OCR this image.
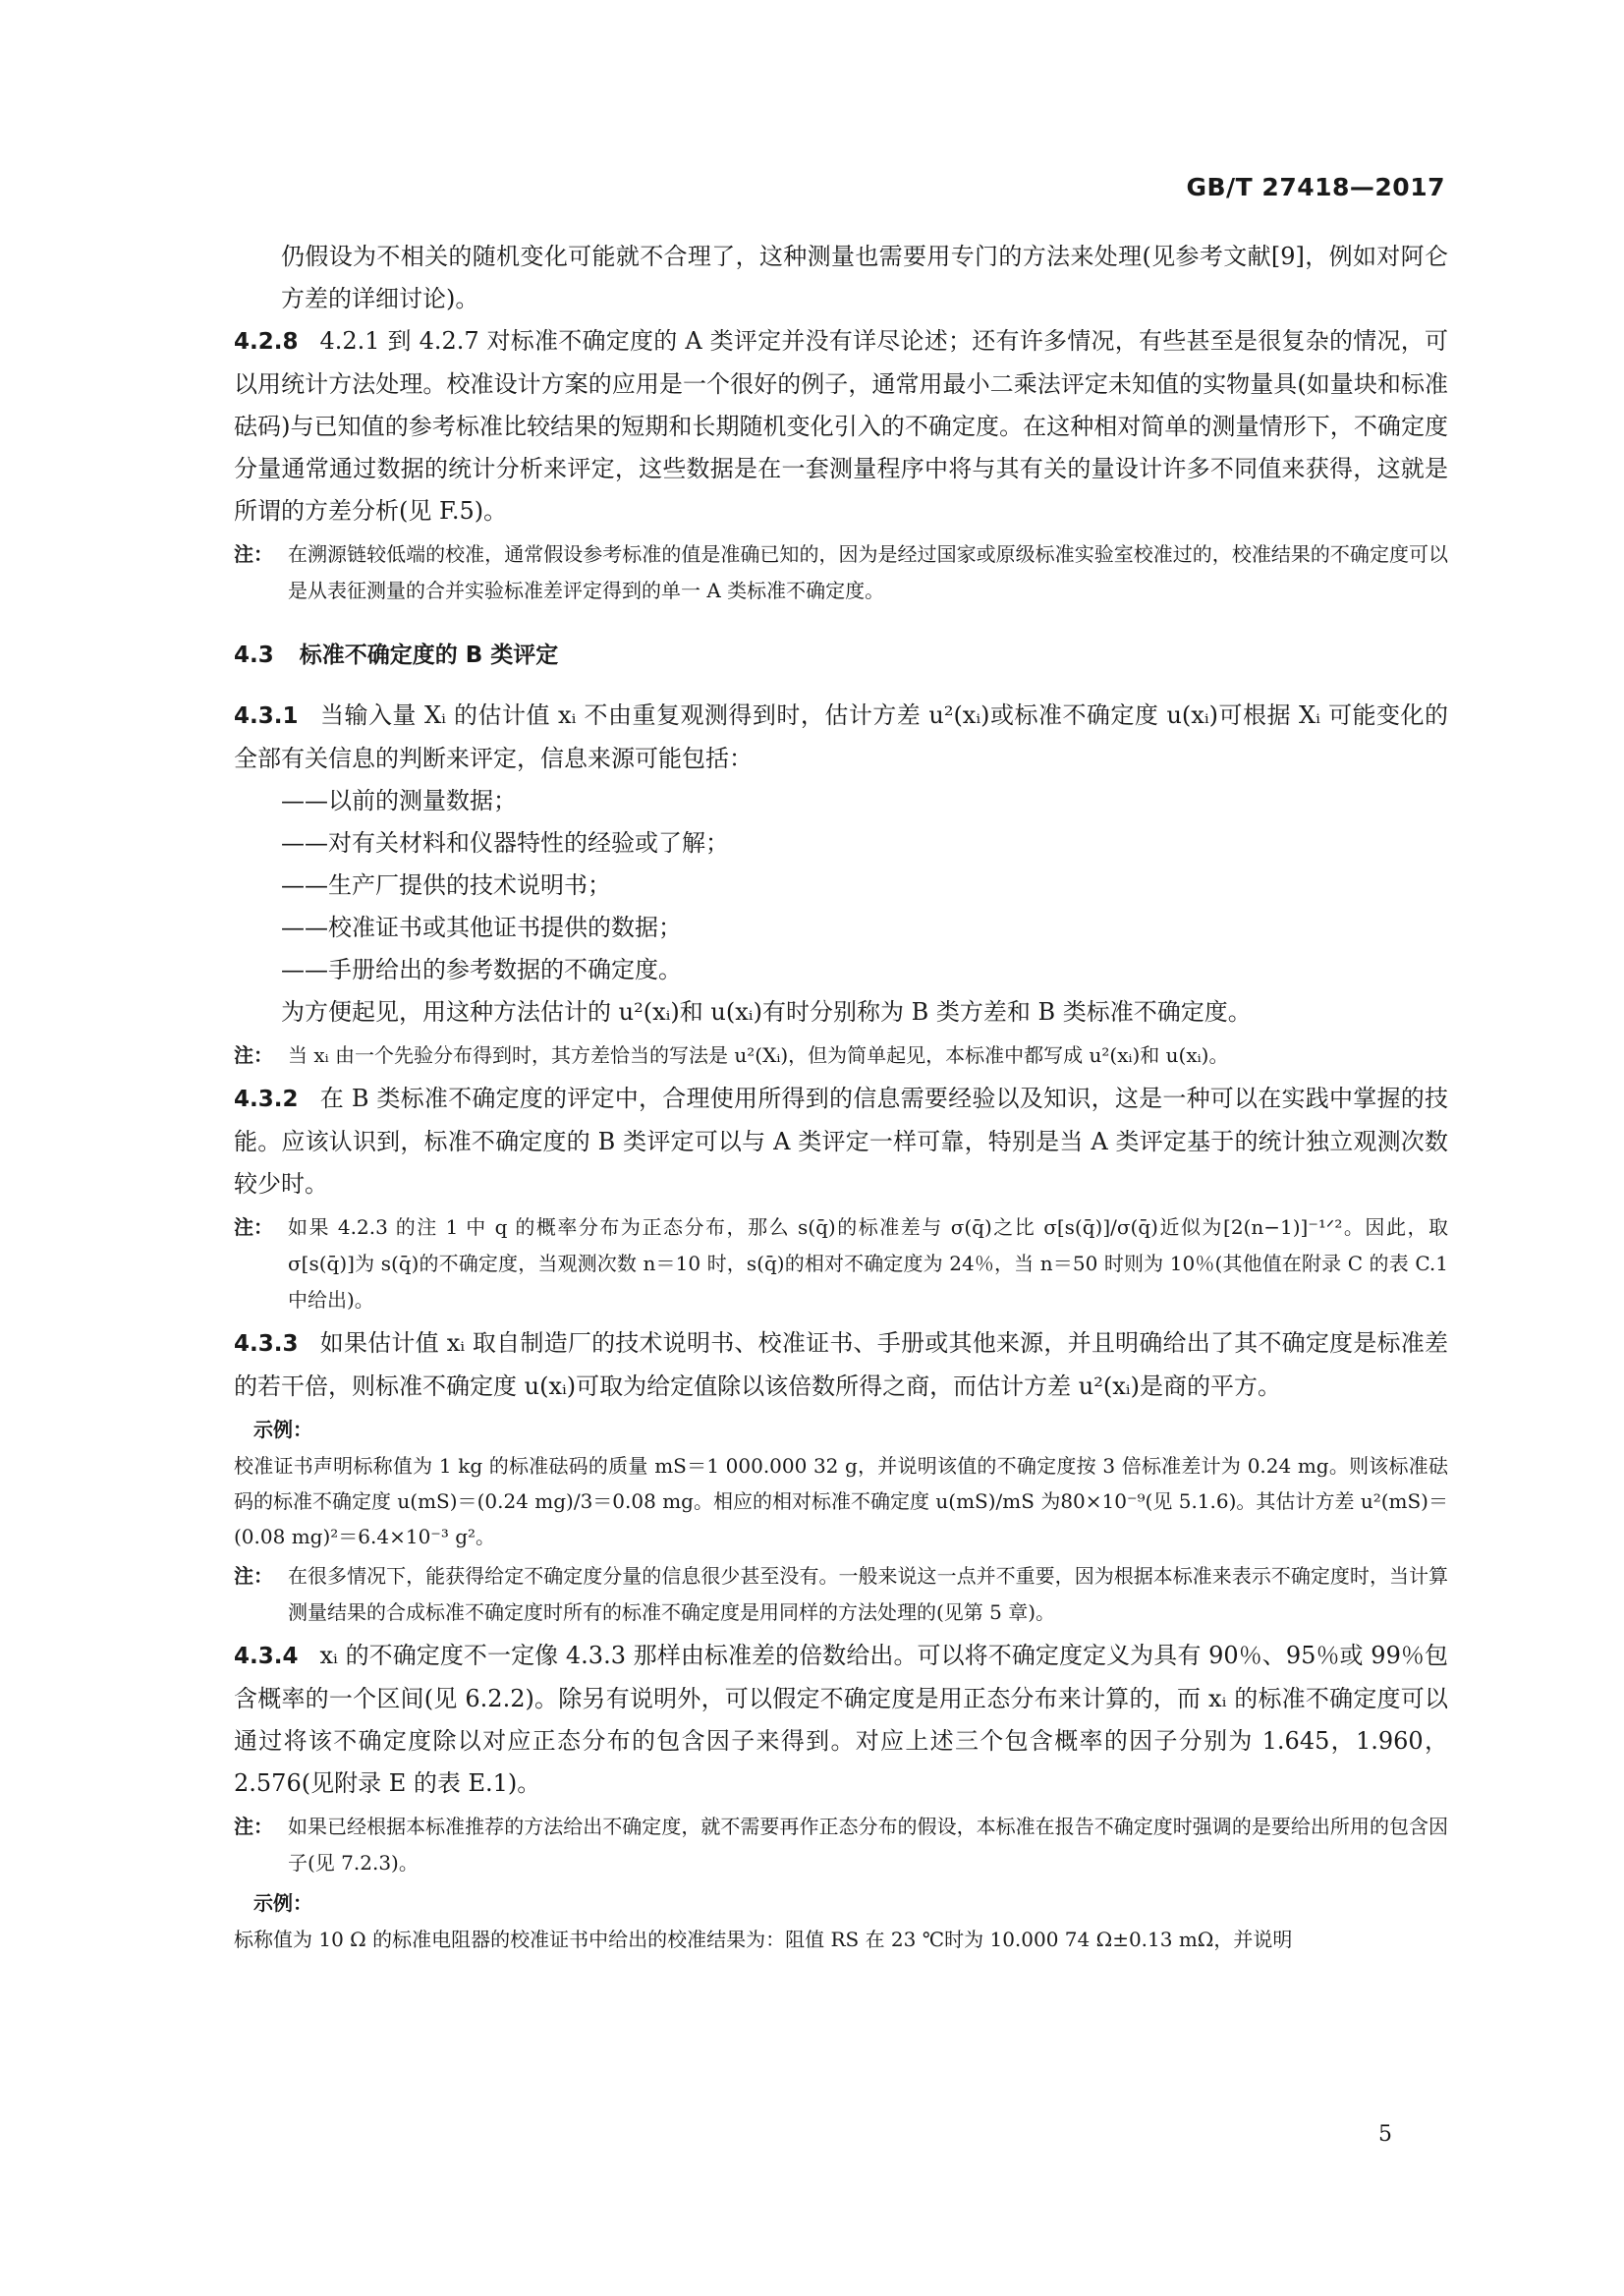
GB/T 27418—2017

仍假设为不相关的随机变化可能就不合理了，这种测量也需要用专门的方法来处理(见参考文献[9]，例如对阿仑方差的详细讨论)。

4.2.8 4.2.1 到 4.2.7 对标准不确定度的 A 类评定并没有详尽论述；还有许多情况，有些甚至是很复杂的情况，可以用统计方法处理。校准设计方案的应用是一个很好的例子，通常用最小二乘法评定未知值的实物量具(如量块和标准砝码)与已知值的参考标准比较结果的短期和长期随机变化引入的不确定度。在这种相对简单的测量情形下，不确定度分量通常通过数据的统计分析来评定，这些数据是在一套测量程序中将与其有关的量设计许多不同值来获得，这就是所谓的方差分析(见 F.5)。

注： 在溯源链较低端的校准，通常假设参考标准的值是准确已知的，因为是经过国家或原级标准实验室校准过的，校准结果的不确定度可以是从表征测量的合并实验标准差评定得到的单一 A 类标准不确定度。
4.3 标准不确定度的 B 类评定

4.3.1 当输入量 Xᵢ 的估计值 xᵢ 不由重复观测得到时，估计方差 u²(xᵢ)或标准不确定度 u(xᵢ)可根据 Xᵢ 可能变化的全部有关信息的判断来评定，信息来源可能包括：

——以前的测量数据；

——对有关材料和仪器特性的经验或了解；

——生产厂提供的技术说明书；

——校准证书或其他证书提供的数据；

——手册给出的参考数据的不确定度。

为方便起见，用这种方法估计的 u²(xᵢ)和 u(xᵢ)有时分别称为 B 类方差和 B 类标准不确定度。

注： 当 xᵢ 由一个先验分布得到时，其方差恰当的写法是 u²(Xᵢ)，但为简单起见，本标准中都写成 u²(xᵢ)和 u(xᵢ)。

4.3.2 在 B 类标准不确定度的评定中，合理使用所得到的信息需要经验以及知识，这是一种可以在实践中掌握的技能。应该认识到，标准不确定度的 B 类评定可以与 A 类评定一样可靠，特别是当 A 类评定基于的统计独立观测次数较少时。

注： 如果 4.2.3 的注 1 中 q 的概率分布为正态分布，那么 s(q̄)的标准差与 σ(q̄)之比 σ[s(q̄)]/σ(q̄)近似为[2(n−1)]⁻¹ᐟ²。因此，取 σ[s(q̄)]为 s(q̄)的不确定度，当观测次数 n＝10 时，s(q̄)的相对不确定度为 24％，当 n＝50 时则为 10％(其他值在附录 C 的表 C.1 中给出)。

4.3.3 如果估计值 xᵢ 取自制造厂的技术说明书、校准证书、手册或其他来源，并且明确给出了其不确定度是标准差的若干倍，则标准不确定度 u(xᵢ)可取为给定值除以该倍数所得之商，而估计方差 u²(xᵢ)是商的平方。

示例：

校准证书声明标称值为 1 kg 的标准砝码的质量 mS＝1 000.000 32 g，并说明该值的不确定度按 3 倍标准差计为 0.24 mg。则该标准砝码的标准不确定度 u(mS)＝(0.24 mg)/3＝0.08 mg。相应的相对标准不确定度 u(mS)/mS 为80×10⁻⁹(见 5.1.6)。其估计方差 u²(mS)＝(0.08 mg)²＝6.4×10⁻³ g²。

注： 在很多情况下，能获得给定不确定度分量的信息很少甚至没有。一般来说这一点并不重要，因为根据本标准来表示不确定度时，当计算测量结果的合成标准不确定度时所有的标准不确定度是用同样的方法处理的(见第 5 章)。

4.3.4 xᵢ 的不确定度不一定像 4.3.3 那样由标准差的倍数给出。可以将不确定度定义为具有 90％、95％或 99％包含概率的一个区间(见 6.2.2)。除另有说明外，可以假定不确定度是用正态分布来计算的，而 xᵢ 的标准不确定度可以通过将该不确定度除以对应正态分布的包含因子来得到。对应上述三个包含概率的因子分别为 1.645，1.960，2.576(见附录 E 的表 E.1)。

注： 如果已经根据本标准推荐的方法给出不确定度，就不需要再作正态分布的假设，本标准在报告不确定度时强调的是要给出所用的包含因子(见 7.2.3)。
示例：

标称值为 10 Ω 的标准电阻器的校准证书中给出的校准结果为：阻值 RS 在 23 ℃时为 10.000 74 Ω±0.13 mΩ，并说明

5
